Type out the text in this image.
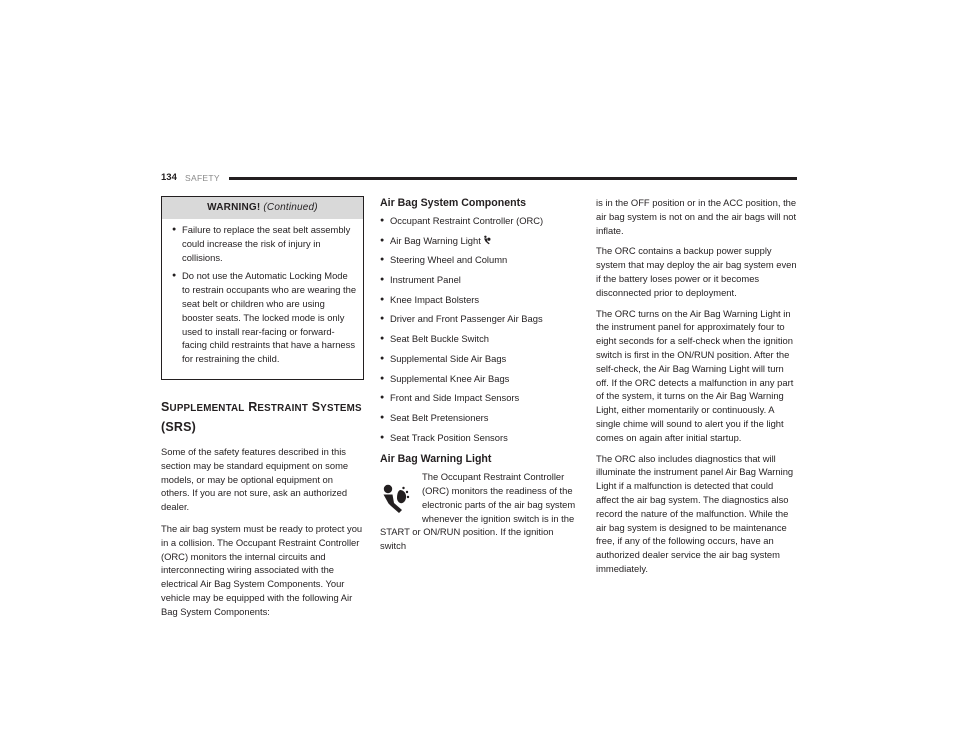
134 SAFETY
WARNING! (Continued)
● Failure to replace the seat belt assembly could increase the risk of injury in collisions.
● Do not use the Automatic Locking Mode to restrain occupants who are wearing the seat belt or children who are using booster seats. The locked mode is only used to install rear-facing or forward-facing child restraints that have a harness for restraining the child.
SUPPLEMENTAL RESTRAINT SYSTEMS
(SRS)

Some of the safety features described in this section may be standard equipment on some models, or may be optional equipment on others. If you are not sure, ask an authorized dealer.

The air bag system must be ready to protect you in a collision. The Occupant Restraint Controller (ORC) monitors the internal circuits and interconnecting wiring associated with the electrical Air Bag System Components. Your vehicle may be equipped with the following Air Bag System Components:

Air Bag System Components
● Occupant Restraint Controller (ORC)
● Air Bag Warning Light
● Steering Wheel and Column
● Instrument Panel
● Knee Impact Bolsters
● Driver and Front Passenger Air Bags
● Seat Belt Buckle Switch
● Supplemental Side Air Bags
● Supplemental Knee Air Bags
● Front and Side Impact Sensors
● Seat Belt Pretensioners
● Seat Track Position Sensors
Air Bag Warning Light
The Occupant Restraint Controller (ORC) monitors the readiness of the electronic parts of the air bag system whenever the ignition switch is in the
START or ON/RUN position. If the ignition switch

is in the OFF position or in the ACC position, the air bag system is not on and the air bags will not inflate.

The ORC contains a backup power supply system that may deploy the air bag system even if the battery loses power or it becomes disconnected prior to deployment.

The ORC turns on the Air Bag Warning Light in the instrument panel for approximately four to eight seconds for a self-check when the ignition switch is first in the ON/RUN position. After the self-check, the Air Bag Warning Light will turn off. If the ORC detects a malfunction in any part of the system, it turns on the Air Bag Warning Light, either momentarily or continuously. A single chime will sound to alert you if the light comes on again after initial startup.

The ORC also includes diagnostics that will illuminate the instrument panel Air Bag Warning Light if a malfunction is detected that could affect the air bag system. The diagnostics also record the nature of the malfunction. While the air bag system is designed to be maintenance free, if any of the following occurs, have an authorized dealer service the air bag system immediately.
